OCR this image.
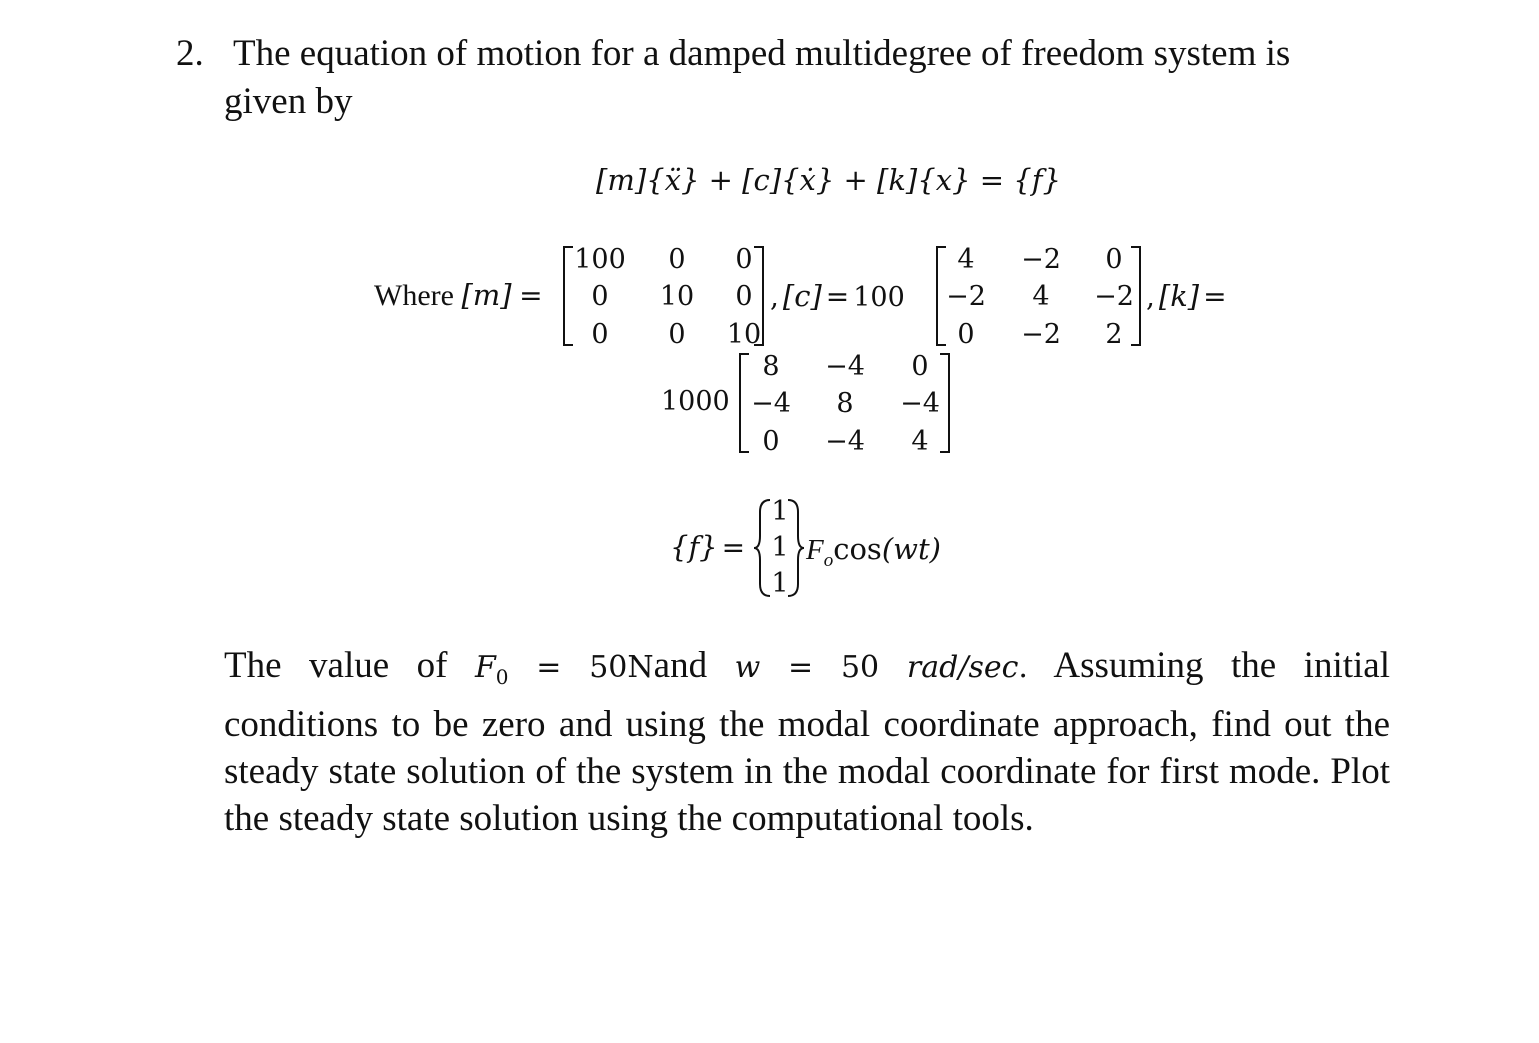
2. The equation of motion for a damped multidegree of freedom system is
given by
[m]{ẍ} + [c]{ẋ} + [k]{x} = {f}
Where [m] =
100	0	0
0	10	0
0	0	10
, [c] = 100
4	−2	0
−2	4	−2
0	−2	2
, [k] =
1000
8	−4	0
−4	8	−4
0	−4	4
{f} =
1
1
1
$F_o\cos(wt)$
The value of $F_0$ = 50Nand w = 50 rad/sec. Assuming the initial
conditions to be zero and using the modal coordinate approach, find out the
steady state solution of the system in the modal coordinate for first mode. Plot
the steady state solution using the computational tools.
